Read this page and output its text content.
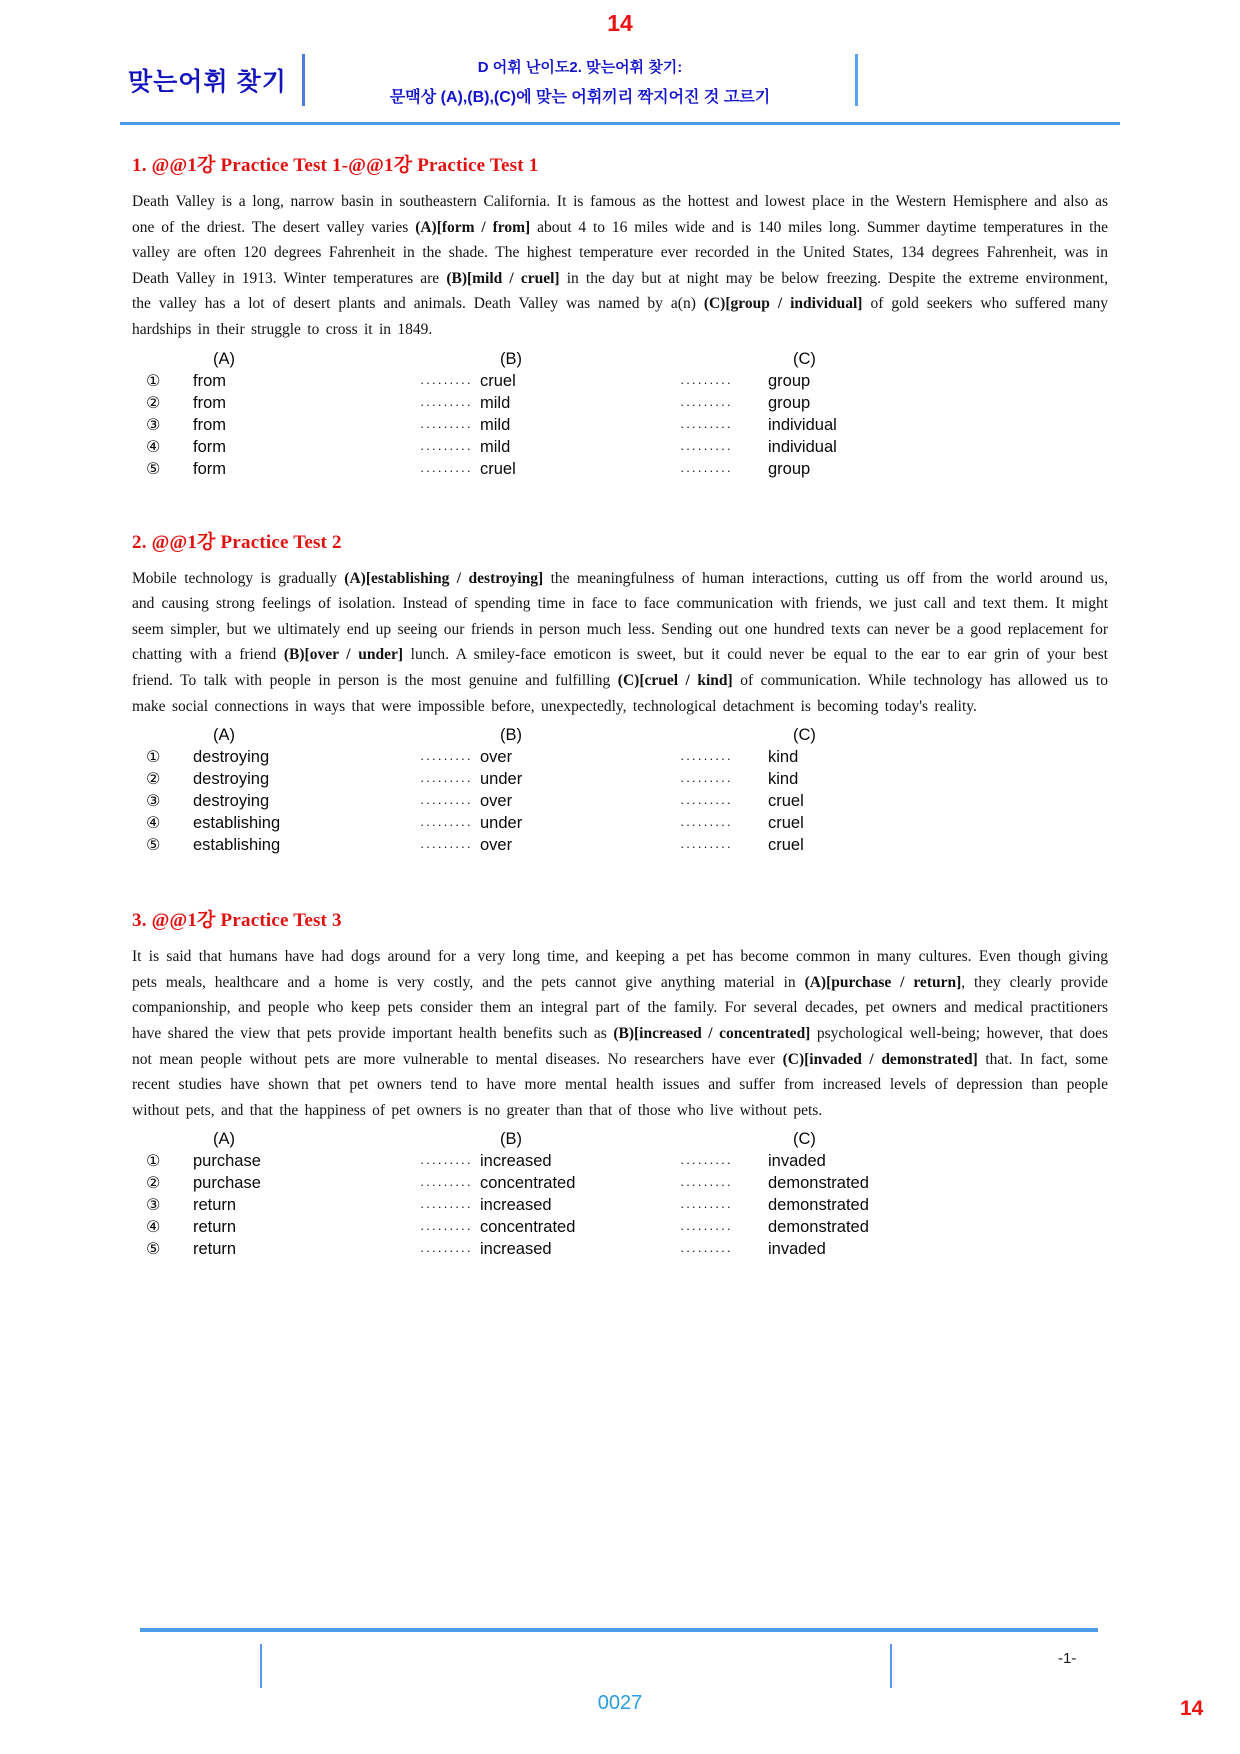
14
맞는어휘 찾기
D 어휘 난이도2. 맞는어휘 찾기:
문맥상 (A),(B),(C)에 맞는 어휘끼리 짝지어진 것 고르기
1. @@1강 Practice Test 1-@@1강 Practice Test 1
Death Valley is a long, narrow basin in southeastern California. It is famous as the hottest and lowest place in the Western Hemisphere and also as one of the driest. The desert valley varies (A)[form / from] about 4 to 16 miles wide and is 140 miles long. Summer daytime temperatures in the valley are often 120 degrees Fahrenheit in the shade. The highest temperature ever recorded in the United States, 134 degrees Fahrenheit, was in Death Valley in 1913. Winter temperatures are (B)[mild / cruel] in the day but at night may be below freezing. Despite the extreme environment, the valley has a lot of desert plants and animals. Death Valley was named by a(n) (C)[group / individual] of gold seekers who suffered many hardships in their struggle to cross it in 1849.
(A)	(B)	(C)
①	from	········· cruel	·········	group
②	from	········· mild	·········	group
③	from	········· mild	·········	individual
④	form	········· mild	·········	individual
⑤	form	········· cruel	·········	group
2. @@1강 Practice Test 2
Mobile technology is gradually (A)[establishing / destroying] the meaningfulness of human interactions, cutting us off from the world around us, and causing strong feelings of isolation. Instead of spending time in face to face communication with friends, we just call and text them. It might seem simpler, but we ultimately end up seeing our friends in person much less. Sending out one hundred texts can never be a good replacement for chatting with a friend (B)[over / under] lunch. A smiley-face emoticon is sweet, but it could never be equal to the ear to ear grin of your best friend. To talk with people in person is the most genuine and fulfilling (C)[cruel / kind] of communication. While technology has allowed us to make social connections in ways that were impossible before, unexpectedly, technological detachment is becoming today's reality.
(A)	(B)	(C)
①	destroying	········· over	·········	kind
②	destroying	········· under	·········	kind
③	destroying	········· over	·········	cruel
④	establishing	········· under	·········	cruel
⑤	establishing	········· over	·········	cruel
3. @@1강 Practice Test 3
It is said that humans have had dogs around for a very long time, and keeping a pet has become common in many cultures. Even though giving pets meals, healthcare and a home is very costly, and the pets cannot give anything material in (A)[purchase / return], they clearly provide companionship, and people who keep pets consider them an integral part of the family. For several decades, pet owners and medical practitioners have shared the view that pets provide important health benefits such as (B)[increased / concentrated] psychological well-being; however, that does not mean people without pets are more vulnerable to mental diseases. No researchers have ever (C)[invaded / demonstrated] that. In fact, some recent studies have shown that pet owners tend to have more mental health issues and suffer from increased levels of depression than people without pets, and that the happiness of pet owners is no greater than that of those who live without pets.
(A)	(B)	(C)
①	purchase	········· increased	·········	invaded
②	purchase	········· concentrated	·········	demonstrated
③	return	········· increased	·········	demonstrated
④	return	········· concentrated	·········	demonstrated
⑤	return	········· increased	·········	invaded
-1-
0027	14
